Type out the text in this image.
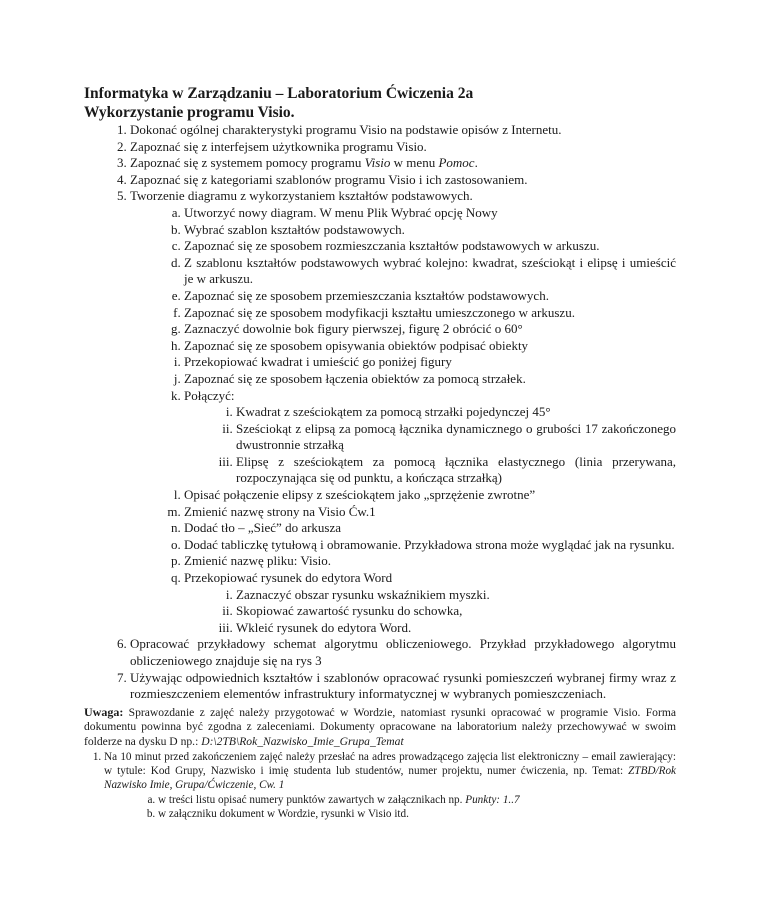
Informatyka w Zarządzaniu – Laboratorium Ćwiczenia 2a

Wykorzystanie programu Visio.

1. Dokonać ogólnej charakterystyki programu Visio na podstawie opisów z Internetu.
2. Zapoznać się z interfejsem użytkownika programu Visio.
3. Zapoznać się z systemem pomocy programu Visio w menu Pomoc.
4. Zapoznać się z kategoriami szablonów programu Visio i ich zastosowaniem.
5. Tworzenie diagramu z wykorzystaniem kształtów podstawowych.
a. Utworzyć nowy diagram. W menu Plik Wybrać opcję Nowy
b. Wybrać szablon kształtów podstawowych.
c. Zapoznać się ze sposobem rozmieszczania kształtów podstawowych w arkuszu.
d. Z szablonu kształtów podstawowych wybrać kolejno: kwadrat, sześciokąt i elipsę i umieścić je w arkuszu.
e. Zapoznać się ze sposobem przemieszczania kształtów podstawowych.
f. Zapoznać się ze sposobem modyfikacji kształtu umieszczonego w arkuszu.
g. Zaznaczyć dowolnie bok figury pierwszej, figurę 2 obrócić o 60°
h. Zapoznać się ze sposobem opisywania obiektów podpisać obiekty
i. Przekopiować kwadrat i umieścić go poniżej figury
j. Zapoznać się ze sposobem łączenia obiektów za pomocą strzałek.
k. Połączyć:
i. Kwadrat z sześciokątem za pomocą strzałki pojedynczej 45°
ii. Sześciokąt z elipsą za pomocą łącznika dynamicznego o grubości 17 zakończonego dwustronnie strzałką
iii. Elipsę z sześciokątem za pomocą łącznika elastycznego (linia przerywana, rozpoczynająca się od punktu, a kończąca strzałką)
l. Opisać połączenie elipsy z sześciokątem jako „sprzężenie zwrotne”
m. Zmienić nazwę strony na Visio Ćw.1
n. Dodać tło – „Sieć” do arkusza
o. Dodać tabliczkę tytułową i obramowanie. Przykładowa strona może wyglądać jak na rysunku.
p. Zmienić nazwę pliku: Visio.
q. Przekopiować rysunek do edytora Word
i. Zaznaczyć obszar rysunku wskaźnikiem myszki.
ii. Skopiować zawartość rysunku do schowka,
iii. Wkleić rysunek do edytora Word.
6. Opracować przykładowy schemat algorytmu obliczeniowego. Przykład przykładowego algorytmu obliczeniowego znajduje się na rys 3
7. Używając odpowiednich kształtów i szablonów opracować rysunki pomieszczeń wybranej firmy wraz z rozmieszczeniem elementów infrastruktury informatycznej w wybranych pomieszczeniach.

Uwaga: Sprawozdanie z zajęć należy przygotować w Wordzie, natomiast rysunki opracować w programie Visio. Forma dokumentu powinna być zgodna z zaleceniami. Dokumenty opracowane na laboratorium należy przechowywać w swoim folderze na dysku D np.: D:\2TB\Rok_Nazwisko_Imie_Grupa_Temat

1. Na 10 minut przed zakończeniem zajęć należy przesłać na adres prowadzącego zajęcia list elektroniczny – email zawierający: w tytule: Kod Grupy, Nazwisko i imię studenta lub studentów, numer projektu, numer ćwiczenia, np. Temat: ZTBD/Rok Nazwisko Imie, Grupa/Ćwiczenie, Cw. 1
a. w treści listu opisać numery punktów zawartych w załącznikach np. Punkty: 1..7
b. w załączniku dokument w Wordzie, rysunki w Visio itd.
